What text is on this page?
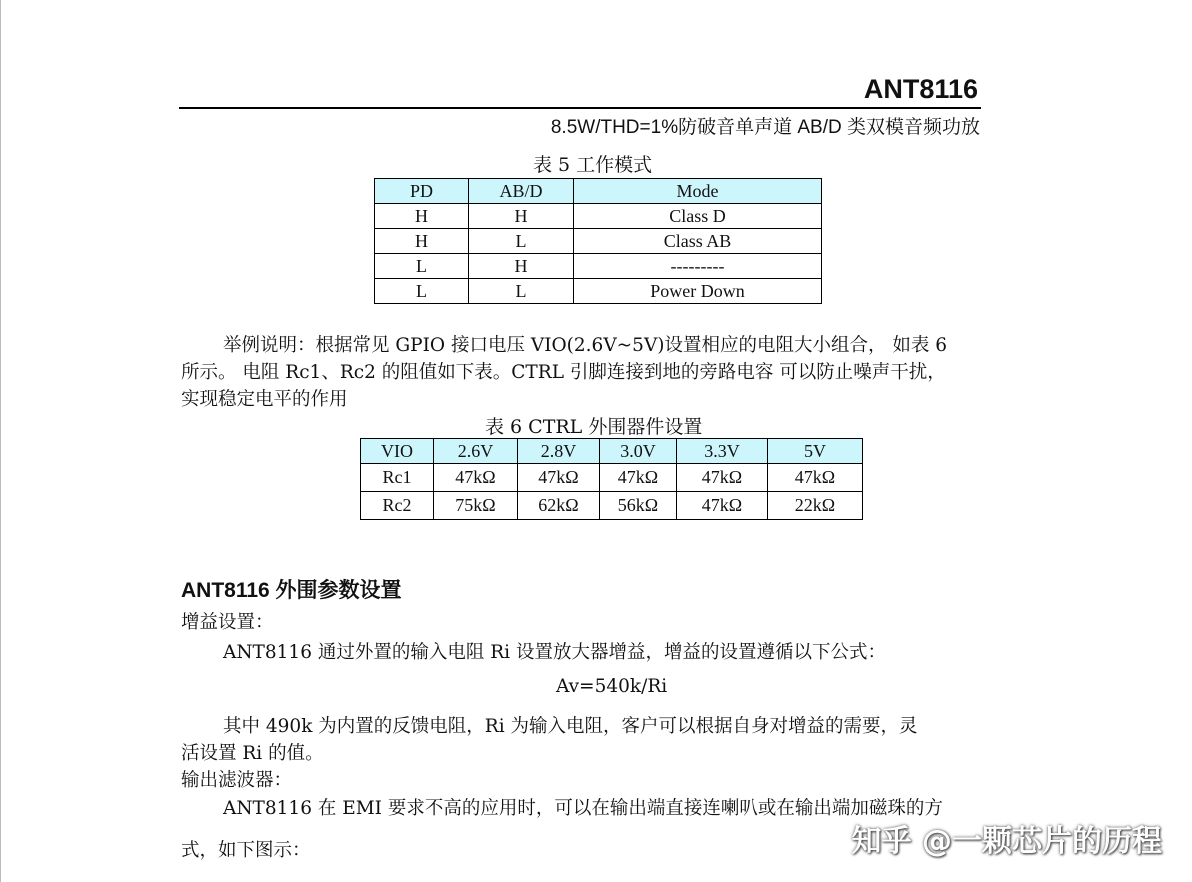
ANT8116
8.5W/THD=1%防破音单声道 AB/D 类双模音频功放
表 5 工作模式
PD	AB/D	Mode
H	H	Class D
H	L	Class AB
L	H	---------
L	L	Power Down
举例说明：根据常见 GPIO 接口电压 VIO(2.6V~5V)设置相应的电阻大小组合， 如表 6
所示。 电阻 Rc1、Rc2 的阻值如下表。CTRL 引脚连接到地的旁路电容 可以防止噪声干扰，
实现稳定电平的作用
表 6 CTRL 外围器件设置
VIO	2.6V	2.8V	3.0V	3.3V	5V
Rc1	47kΩ	47kΩ	47kΩ	47kΩ	47kΩ
Rc2	75kΩ	62kΩ	56kΩ	47kΩ	22kΩ
ANT8116 外围参数设置
增益设置：
ANT8116 通过外置的输入电阻 Ri 设置放大器增益，增益的设置遵循以下公式：
Av=540k/Ri
其中 490k 为内置的反馈电阻，Ri 为输入电阻，客户可以根据自身对增益的需要，灵
活设置 Ri 的值。
输出滤波器：
ANT8116 在 EMI 要求不高的应用时，可以在输出端直接连喇叭或在输出端加磁珠的方
式，如下图示：	知乎 @一颗芯片的历程
